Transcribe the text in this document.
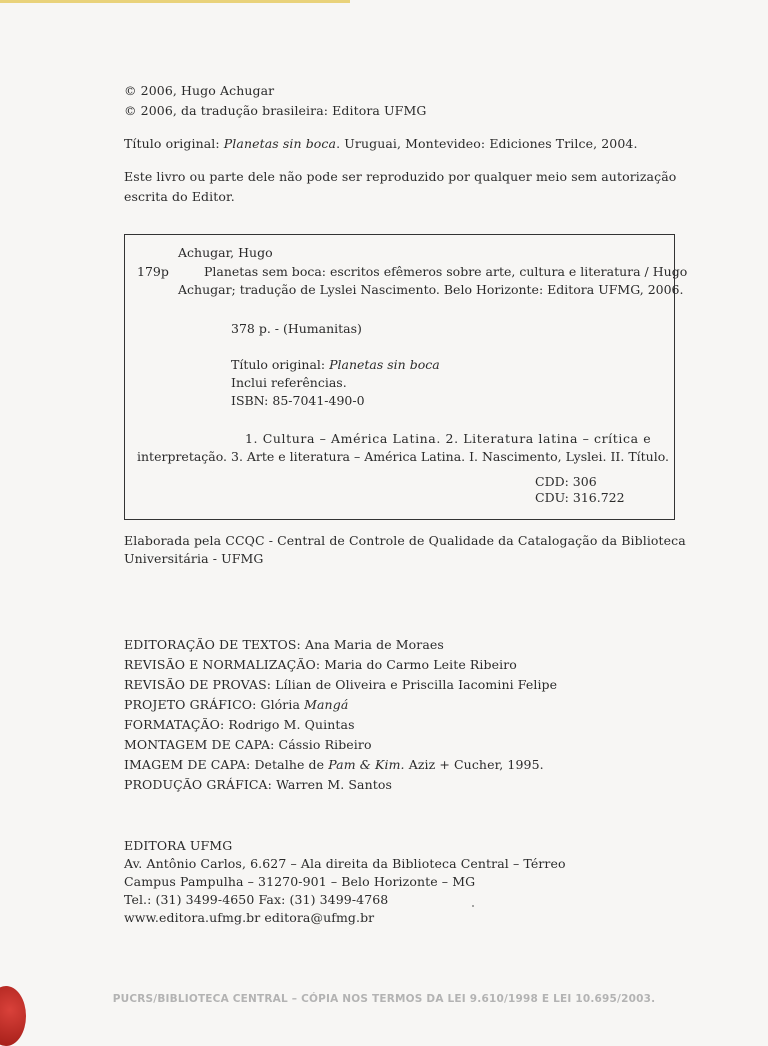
© 2006, Hugo Achugar
© 2006, da tradução brasileira: Editora UFMG
Título original: Planetas sin boca. Uruguai, Montevideo: Ediciones Trilce, 2004.
Este livro ou parte dele não pode ser reproduzido por qualquer meio sem autorização
escrita do Editor.
Achugar, Hugo
179p	Planetas sem boca: escritos efêmeros sobre arte, cultura e literatura / Hugo
Achugar; tradução de Lyslei Nascimento. Belo Horizonte: Editora UFMG, 2006.
378 p. - (Humanitas)
Título original: Planetas sin boca
Inclui referências.
ISBN: 85-7041-490-0
1. Cultura – América Latina. 2. Literatura latina – crítica e
interpretação. 3. Arte e literatura – América Latina. I. Nascimento, Lyslei. II. Título.
CDD: 306
CDU: 316.722
Elaborada pela CCQC - Central de Controle de Qualidade da Catalogação da Biblioteca
Universitária - UFMG
EDITORAÇÃO DE TEXTOS: Ana Maria de Moraes
REVISÃO E NORMALIZAÇÃO: Maria do Carmo Leite Ribeiro
REVISÃO DE PROVAS: Lílian de Oliveira e Priscilla Iacomini Felipe
PROJETO GRÁFICO: Glória Mangá
FORMATAÇÃO: Rodrigo M. Quintas
MONTAGEM DE CAPA: Cássio Ribeiro
IMAGEM DE CAPA: Detalhe de Pam & Kim. Aziz + Cucher, 1995.
PRODUÇÃO GRÁFICA: Warren M. Santos
EDITORA UFMG
Av. Antônio Carlos, 6.627 – Ala direita da Biblioteca Central – Térreo
Campus Pampulha – 31270-901 – Belo Horizonte – MG
Tel.: (31) 3499-4650 Fax: (31) 3499-4768
www.editora.ufmg.br editora@ufmg.br
PUCRS/BIBLIOTECA CENTRAL – CÓPIA NOS TERMOS DA LEI 9.610/1998 E LEI 10.695/2003.
